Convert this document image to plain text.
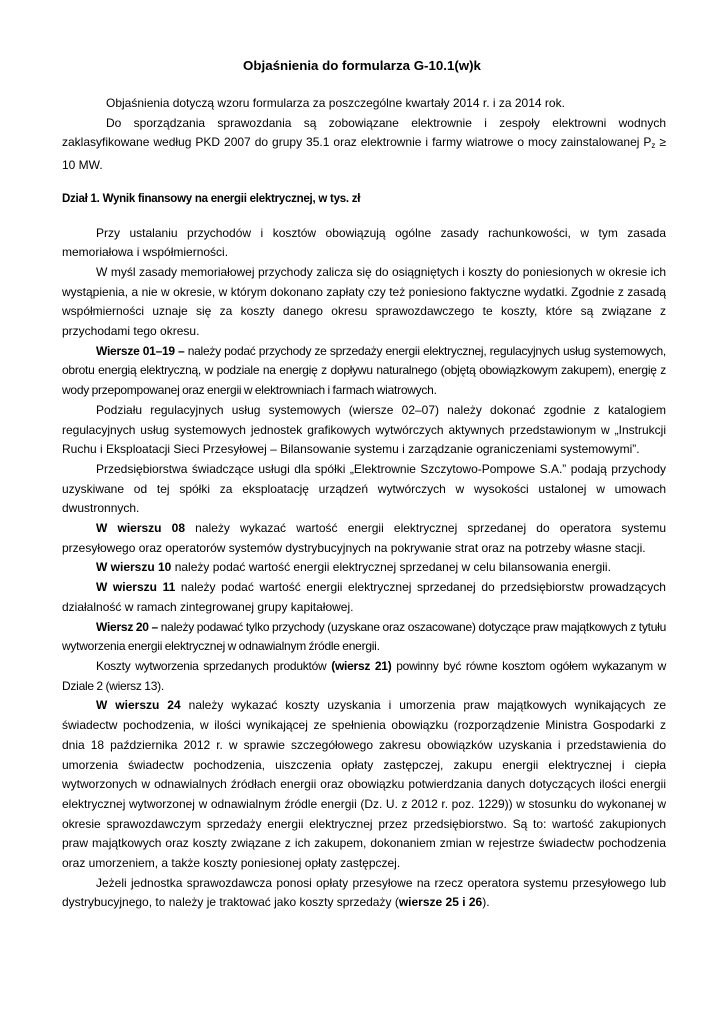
Objaśnienia do formularza G-10.1(w)k

Objaśnienia dotyczą wzoru formularza za poszczególne kwartały 2014 r. i za 2014 rok.

Do sporządzania sprawozdania są zobowiązane elektrownie i zespoły elektrowni wodnych zaklasyfikowane według PKD 2007 do grupy 35.1 oraz elektrownie i farmy wiatrowe o mocy zainstalowanej $P_z \ge 10$ MW.

Dział 1. Wynik finansowy na energii elektrycznej, w tys. zł

Przy ustalaniu przychodów i kosztów obowiązują ogólne zasady rachunkowości, w tym zasada memoriałowa i współmierności.

W myśl zasady memoriałowej przychody zalicza się do osiągniętych i koszty do poniesionych w okresie ich wystąpienia, a nie w okresie, w którym dokonano zapłaty czy też poniesiono faktyczne wydatki. Zgodnie z zasadą współmierności uznaje się za koszty danego okresu sprawozdawczego te koszty, które są związane z przychodami tego okresu.

Wiersze 01–19 – należy podać przychody ze sprzedaży energii elektrycznej, regulacyjnych usług systemowych, obrotu energią elektryczną, w podziale na energię z dopływu naturalnego (objętą obowiązkowym zakupem), energię z wody przepompowanej oraz energii w elektrowniach i farmach wiatrowych.

Podziału regulacyjnych usług systemowych (wiersze 02–07) należy dokonać zgodnie z katalogiem regulacyjnych usług systemowych jednostek grafikowych wytwórczych aktywnych przedstawionym w „Instrukcji Ruchu i Eksploatacji Sieci Przesyłowej – Bilansowanie systemu i zarządzanie ograniczeniami systemowymi”.

Przedsiębiorstwa świadczące usługi dla spółki „Elektrownie Szczytowo-Pompowe S.A.” podają przychody uzyskiwane od tej spółki za eksploatację urządzeń wytwórczych w wysokości ustalonej w umowach dwustronnych.

W wierszu 08 należy wykazać wartość energii elektrycznej sprzedanej do operatora systemu przesyłowego oraz operatorów systemów dystrybucyjnych na pokrywanie strat oraz na potrzeby własne stacji.

W wierszu 10 należy podać wartość energii elektrycznej sprzedanej w celu bilansowania energii.

W wierszu 11 należy podać wartość energii elektrycznej sprzedanej do przedsiębiorstw prowadzących działalność w ramach zintegrowanej grupy kapitałowej.

Wiersz 20 – należy podawać tylko przychody (uzyskane oraz oszacowane) dotyczące praw majątkowych z tytułu wytworzenia energii elektrycznej w odnawialnym źródle energii.

Koszty wytworzenia sprzedanych produktów (wiersz 21) powinny być równe kosztom ogółem wykazanym w Dziale 2 (wiersz 13).

W wierszu 24 należy wykazać koszty uzyskania i umorzenia praw majątkowych wynikających ze świadectw pochodzenia, w ilości wynikającej ze spełnienia obowiązku (rozporządzenie Ministra Gospodarki z dnia 18 października 2012 r. w sprawie szczegółowego zakresu obowiązków uzyskania i przedstawienia do umorzenia świadectw pochodzenia, uiszczenia opłaty zastępczej, zakupu energii elektrycznej i ciepła wytworzonych w odnawialnych źródłach energii oraz obowiązku potwierdzania danych dotyczących ilości energii elektrycznej wytworzonej w odnawialnym źródle energii (Dz. U. z 2012 r. poz. 1229)) w stosunku do wykonanej w okresie sprawozdawczym sprzedaży energii elektrycznej przez przedsiębiorstwo. Są to: wartość zakupionych praw majątkowych oraz koszty związane z ich zakupem, dokonaniem zmian w rejestrze świadectw pochodzenia oraz umorzeniem, a także koszty poniesionej opłaty zastępczej.

Jeżeli jednostka sprawozdawcza ponosi opłaty przesyłowe na rzecz operatora systemu przesyłowego lub dystrybucyjnego, to należy je traktować jako koszty sprzedaży (wiersze 25 i 26).
